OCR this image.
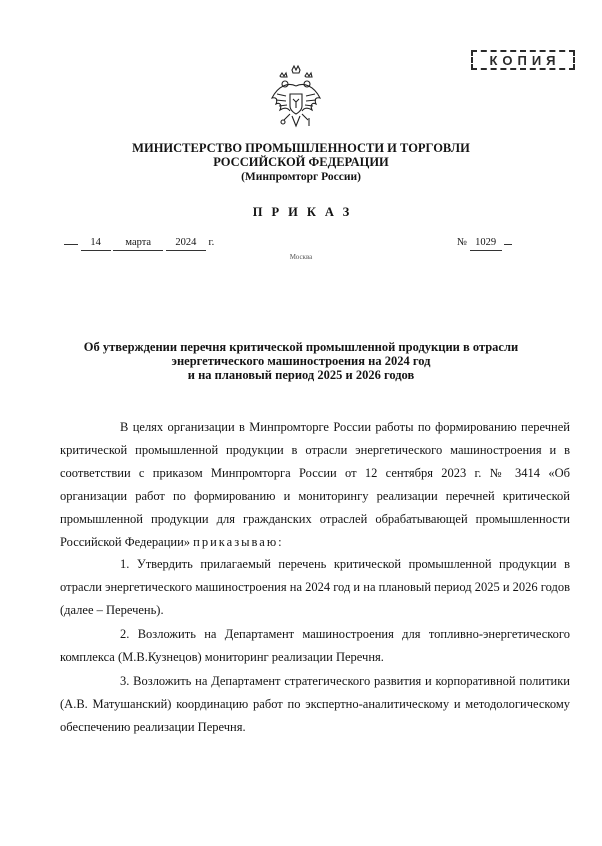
КОПИЯ
МИНИСТЕРСТВО ПРОМЫШЛЕННОСТИ И ТОРГОВЛИ
РОССИЙСКОЙ ФЕДЕРАЦИИ
(Минпромторг России)
ПРИКАЗ
14 марта 2024 г.	№ 1029
Москва
Об утверждении перечня критической промышленной продукции в отрасли
энергетического машиностроения на 2024 год
и на плановый период 2025 и 2026 годов
В целях организации в Минпромторге России работы по формированию перечней критической промышленной продукции в отрасли энергетического машиностроения и в соответствии с приказом Минпромторга России от 12 сентября 2023 г. № 3414 «Об организации работ по формированию и мониторингу реализации перечней критической промышленной продукции для гражданских отраслей обрабатывающей промышленности Российской Федерации» приказываю:
1. Утвердить прилагаемый перечень критической промышленной продукции в отрасли энергетического машиностроения на 2024 год и на плановый период 2025 и 2026 годов (далее – Перечень).
2. Возложить на Департамент машиностроения для топливно-энергетического комплекса (М.В.Кузнецов) мониторинг реализации Перечня.
3. Возложить на Департамент стратегического развития и корпоративной политики (А.В. Матушанский) координацию работ по экспертно-аналитическому и методологическому обеспечению реализации Перечня.
